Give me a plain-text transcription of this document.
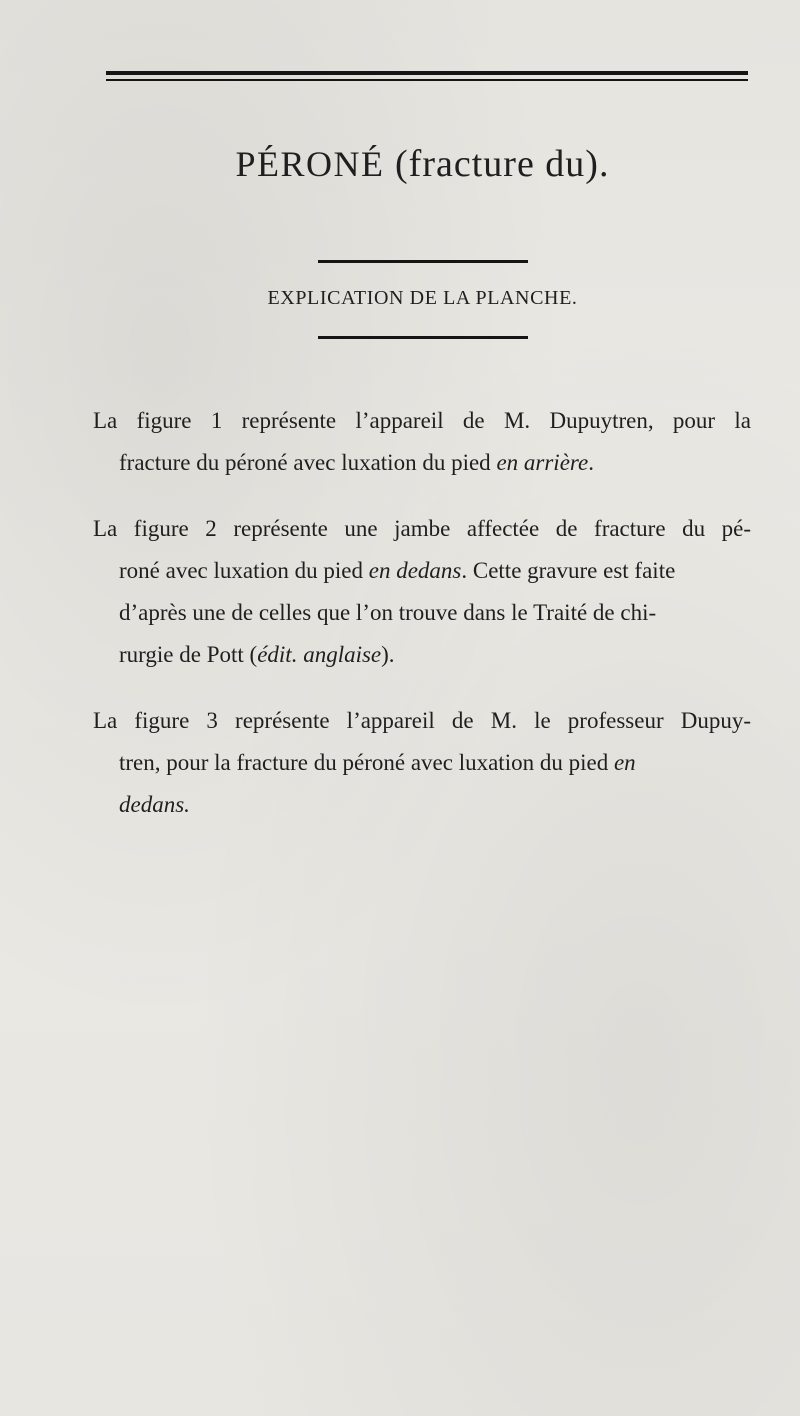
PÉRONÉ (fracture du).
EXPLICATION DE LA PLANCHE.

La figure 1 représente l’appareil de M. Dupuytren, pour la
fracture du péroné avec luxation du pied en arrière.

La figure 2 représente une jambe affectée de fracture du pé-
roné avec luxation du pied en dedans. Cette gravure est faite
d’après une de celles que l’on trouve dans le Traité de chi-
rurgie de Pott (édit. anglaise).

La figure 3 représente l’appareil de M. le professeur Dupuy-
tren, pour la fracture du péroné avec luxation du pied en
dedans.
